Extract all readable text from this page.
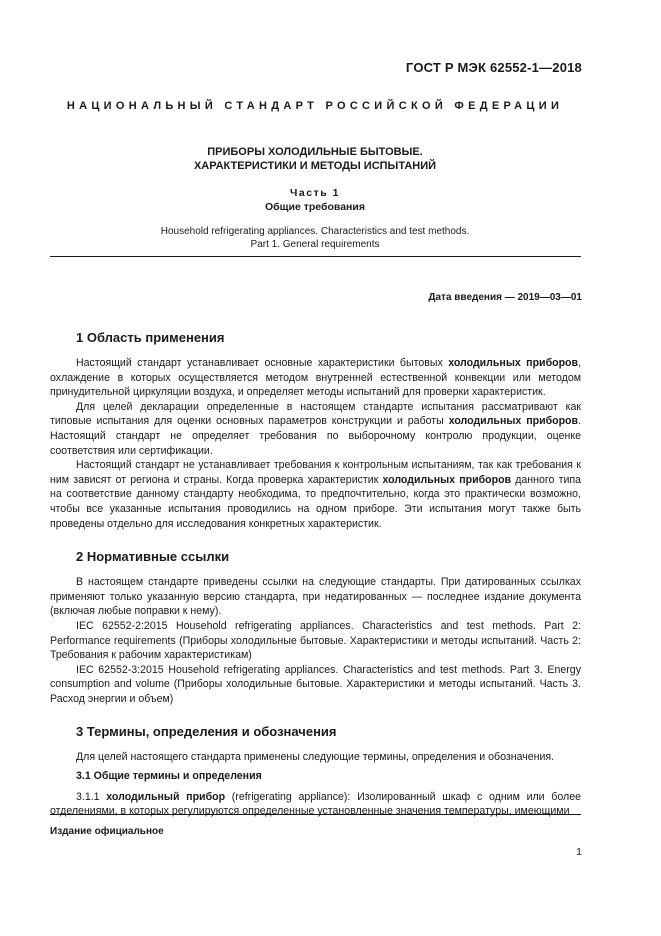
ГОСТ Р МЭК 62552-1—2018
НАЦИОНАЛЬНЫЙ СТАНДАРТ РОССИЙСКОЙ ФЕДЕРАЦИИ
ПРИБОРЫ ХОЛОДИЛЬНЫЕ БЫТОВЫЕ.
ХАРАКТЕРИСТИКИ И МЕТОДЫ ИСПЫТАНИЙ
Часть 1
Общие требования
Household refrigerating appliances. Characteristics and test methods.
Part 1. General requirements
Дата введения — 2019—03—01
1 Область применения

Настоящий стандарт устанавливает основные характеристики бытовых холодильных приборов, охлаждение в которых осуществляется методом внутренней естественной конвекции или методом принудительной циркуляции воздуха, и определяет методы испытаний для проверки характеристик.

Для целей декларации определенные в настоящем стандарте испытания рассматривают как типовые испытания для оценки основных параметров конструкции и работы холодильных приборов. Настоящий стандарт не определяет требования по выборочному контролю продукции, оценке соответствия или сертификации.

Настоящий стандарт не устанавливает требования к контрольным испытаниям, так как требования к ним зависят от региона и страны. Когда проверка характеристик холодильных приборов данного типа на соответствие данному стандарту необходима, то предпочтительно, когда это практически возможно, чтобы все указанные испытания проводились на одном приборе. Эти испытания могут также быть проведены отдельно для исследования конкретных характеристик.

2 Нормативные ссылки

В настоящем стандарте приведены ссылки на следующие стандарты. При датированных ссылках применяют только указанную версию стандарта, при недатированных — последнее издание документа (включая любые поправки к нему).

IEC 62552-2:2015 Household refrigerating appliances. Characteristics and test methods. Part 2: Performance requirements (Приборы холодильные бытовые. Характеристики и методы испытаний. Часть 2: Требования к рабочим характеристикам)

IEC 62552-3:2015 Household refrigerating appliances. Characteristics and test methods. Part 3. Energy consumption and volume (Приборы холодильные бытовые. Характеристики и методы испытаний. Часть 3. Расход энергии и объем)

3 Термины, определения и обозначения

Для целей настоящего стандарта применены следующие термины, определения и обозначения.

3.1 Общие термины и определения

3.1.1 холодильный прибор (refrigerating appliance): Изолированный шкаф с одним или более отделениями, в которых регулируются определенные установленные значения температуры, имеющими

Издание официальное
1
